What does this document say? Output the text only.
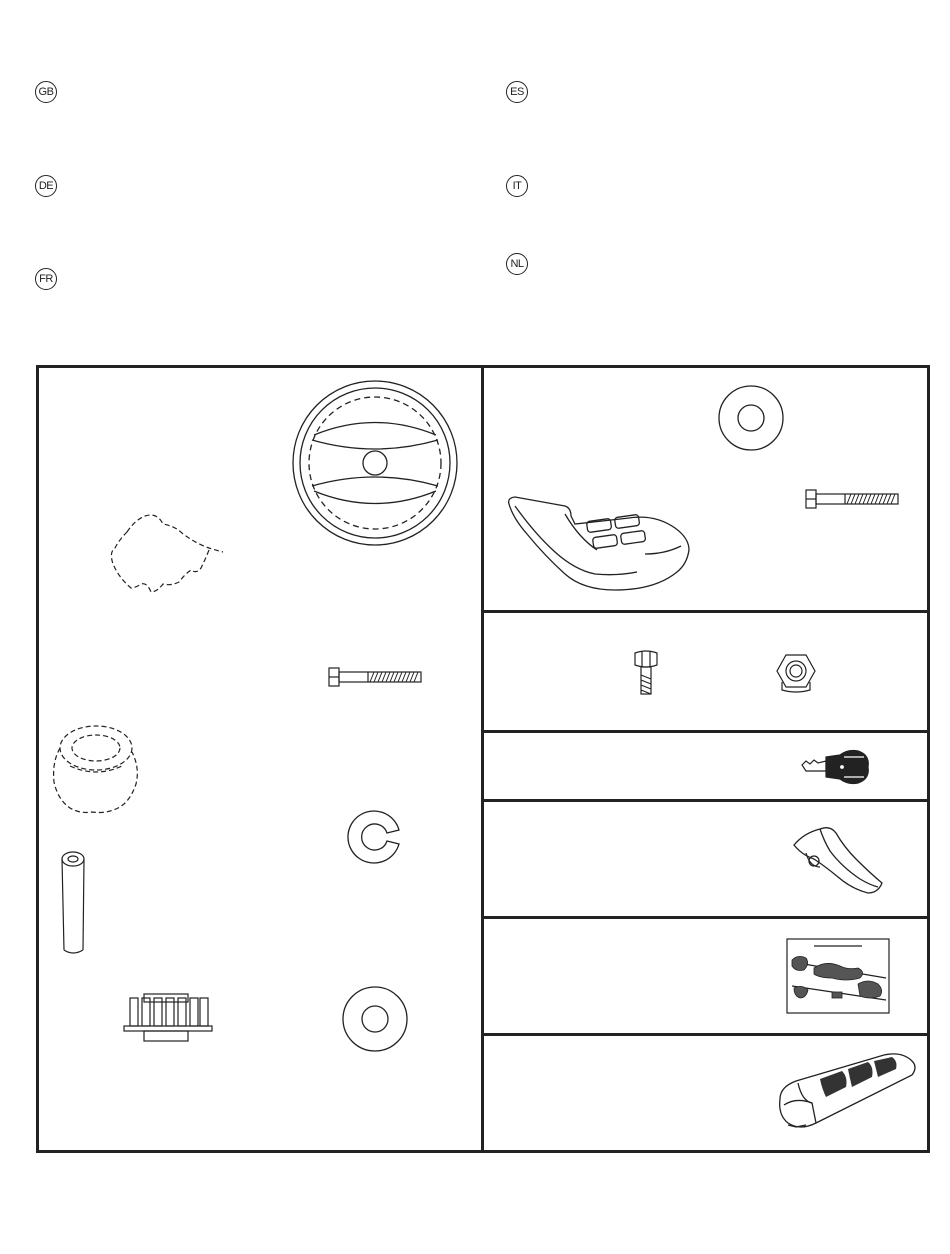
GB
DE
FR
ES
IT
NL
